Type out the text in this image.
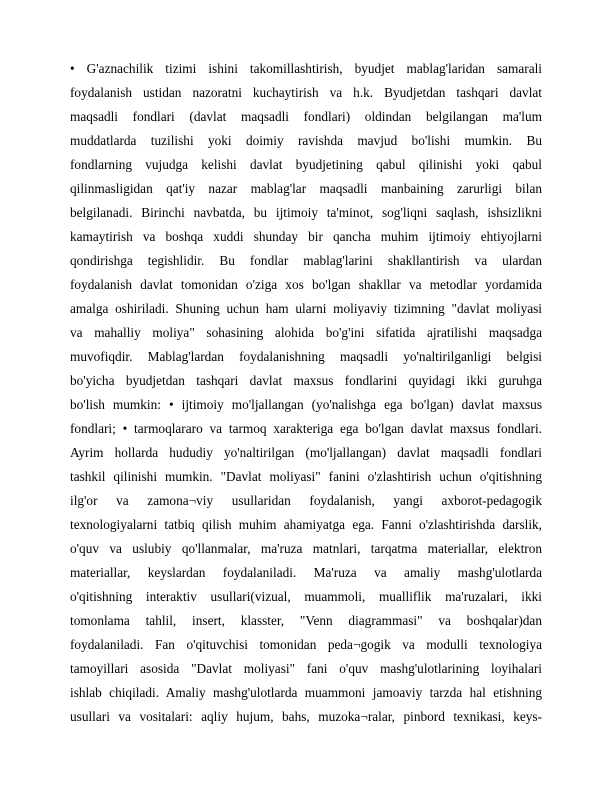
• G'aznachilik tizimi ishini takomillashtirish, byudjet mablag'laridan samarali
foydalanish ustidan nazoratni kuchaytirish va h.k. Byudjetdan tashqari davlat
maqsadli fondlari (davlat maqsadli fondlari) oldindan belgilangan ma'lum
muddatlarda tuzilishi yoki doimiy ravishda mavjud bo'lishi mumkin. Bu
fondlarning vujudga kelishi davlat byudjetining qabul qilinishi yoki qabul
qilinmasligidan qat'iy nazar mablag'lar maqsadli manbaining zarurligi bilan
belgilanadi. Birinchi navbatda, bu ijtimoiy ta'minot, sog'liqni saqlash, ishsizlikni
kamaytirish va boshqa xuddi shunday bir qancha muhim ijtimoiy ehtiyojlarni
qondirishga tegishlidir. Bu fondlar mablag'larini shakllantirish va ulardan
foydalanish davlat tomonidan o'ziga xos bo'lgan shakllar va metodlar yordamida
amalga oshiriladi. Shuning uchun ham ularni moliyaviy tizimning "davlat moliyasi
va mahalliy moliya" sohasining alohida bo'g'ini sifatida ajratilishi maqsadga
muvofiqdir. Mablag'lardan foydalanishning maqsadli yo'naltirilganligi belgisi
bo'yicha byudjetdan tashqari davlat maxsus fondlarini quyidagi ikki guruhga
bo'lish mumkin: • ijtimoiy mo'ljallangan (yo'nalishga ega bo'lgan) davlat maxsus
fondlari; • tarmoqlararo va tarmoq xarakteriga ega bo'lgan davlat maxsus fondlari.
Ayrim hollarda hududiy yo'naltirilgan (mo'ljallangan) davlat maqsadli fondlari
tashkil qilinishi mumkin. "Davlat moliyasi" fanini o'zlashtirish uchun o'qitishning
ilg'or va zamona¬viy usullaridan foydalanish, yangi axborot-pedagogik
texnologiyalarni tatbiq qilish muhim ahamiyatga ega. Fanni o'zlashtirishda darslik,
o'quv va uslubiy qo'llanmalar, ma'ruza matnlari, tarqatma materiallar, elektron
materiallar, keyslardan foydalaniladi. Ma'ruza va amaliy mashg'ulotlarda
o'qitishning interaktiv usullari(vizual, muammoli, mualliflik ma'ruzalari, ikki
tomonlama tahlil, insert, klasster, "Venn diagrammasi" va boshqalar)dan
foydalaniladi. Fan o'qituvchisi tomonidan peda¬gogik va modulli texnologiya
tamoyillari asosida "Davlat moliyasi" fani o'quv mashg'ulotlarining loyihalari
ishlab chiqiladi. Amaliy mashg'ulotlarda muammoni jamoaviy tarzda hal etishning
usullari va vositalari: aqliy hujum, bahs, muzoka¬ralar, pinbord texnikasi, keys-
